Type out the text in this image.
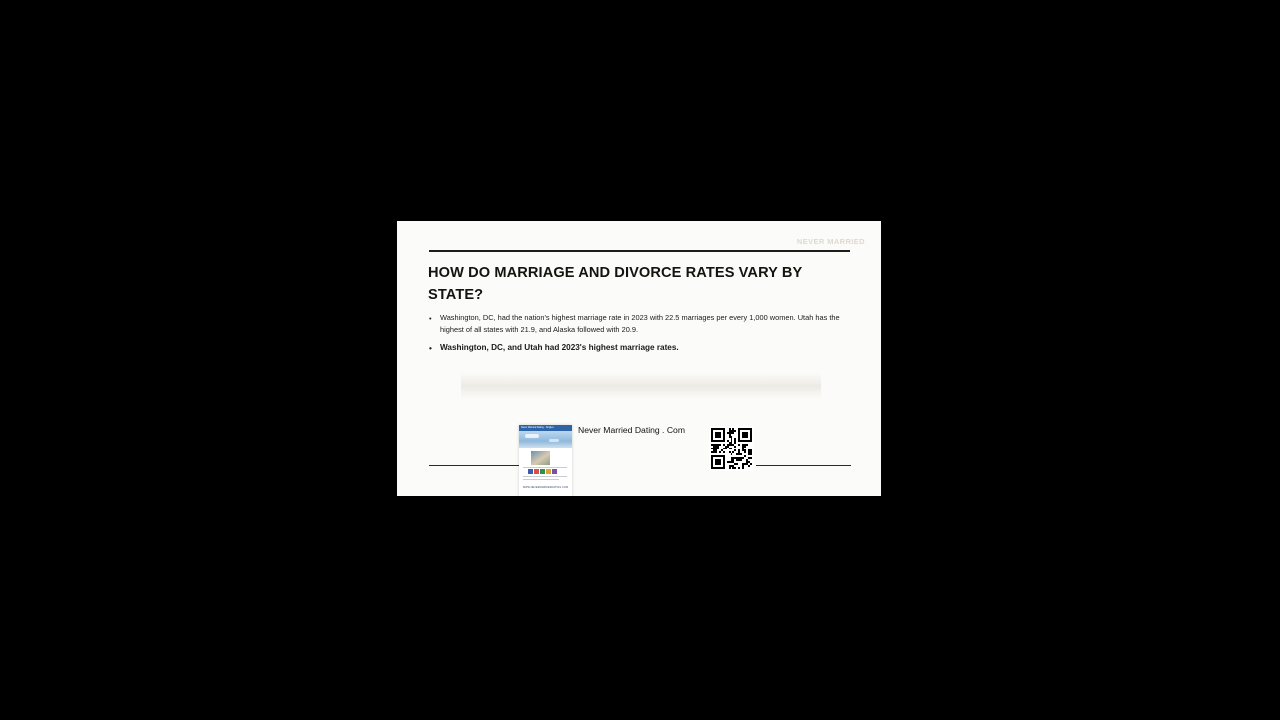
NEVER MARRIED
HOW DO MARRIAGE AND DIVORCE RATES VARY BY STATE?
• Washington, DC, had the nation's highest marriage rate in 2023 with 22.5 marriages per every 1,000 women. Utah has the highest of all states with 21.9, and Alaska followed with 20.9.
• Washington, DC, and Utah had 2023's highest marriage rates.
Never Married Dating - Singles
WWW.NEVERMARRIEDDATING.COM
Never Married Dating . Com
